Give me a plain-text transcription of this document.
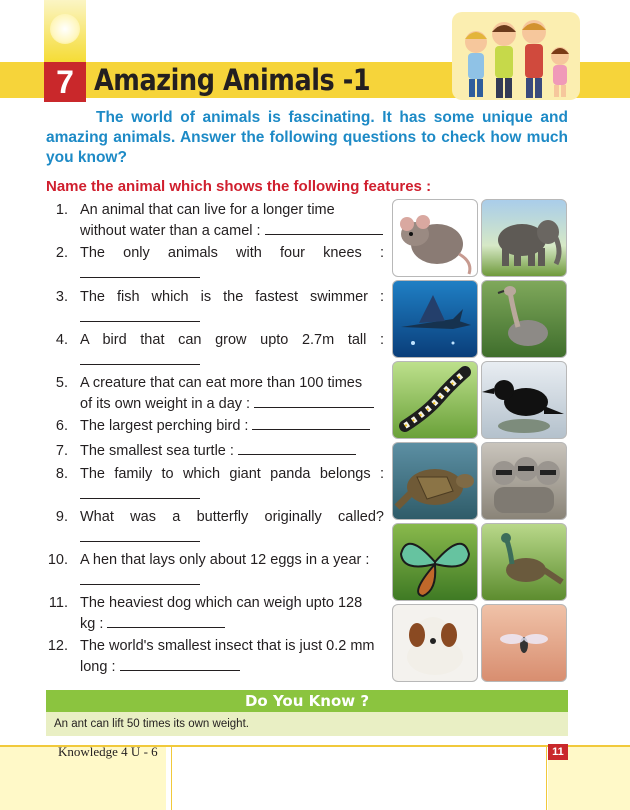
7 Amazing Animals -1
The world of animals is fascinating. It has some unique and amazing animals. Answer the following questions to check how much you know?
Name the animal which shows the following features :
1. An animal that can live for a longer time
without water than a camel :
2. The only animals with four knees :
3. The fish which is the fastest swimmer :
4. A bird that can grow upto 2.7m tall :
5. A creature that can eat more than 100 times
of its own weight in a day :
6. The largest perching bird :
7. The smallest sea turtle :
8. The family to which giant panda belongs :
9. What was a butterfly originally called?
10. A hen that lays only about 12 eggs in a year :
11. The heaviest dog which can weigh upto 128
kg :
12. The world's smallest insect that is just 0.2 mm
long :
Do You Know ?
An ant can lift 50 times its own weight.
Knowledge 4 U - 6	11
